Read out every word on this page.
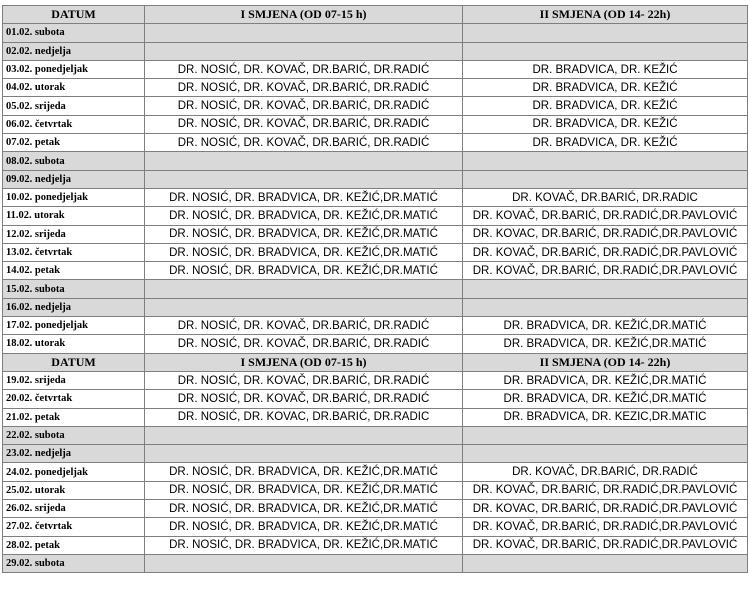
DATUM	I SMJENA (OD 07-15 h)	II SMJENA (OD 14- 22h)
01.02. subota		
02.02. nedjelja		
03.02. ponedjeljak	DR. NOSIĆ, DR. KOVAČ, DR.BARIĆ, DR.RADIĆ	DR. BRADVICA, DR. KEŽIĆ
04.02. utorak	DR. NOSIĆ, DR. KOVAČ, DR.BARIĆ, DR.RADIĆ	DR. BRADVICA, DR. KEŽIĆ
05.02. srijeda	DR. NOSIĆ, DR. KOVAČ, DR.BARIĆ, DR.RADIĆ	DR. BRADVICA, DR. KEŽIĆ
06.02. četvrtak	DR. NOSIĆ, DR. KOVAČ, DR.BARIĆ, DR.RADIĆ	DR. BRADVICA, DR. KEŽIĆ
07.02. petak	DR. NOSIĆ, DR. KOVAČ, DR.BARIĆ, DR.RADIĆ	DR. BRADVICA, DR. KEŽIĆ
08.02. subota		
09.02. nedjelja		
10.02. ponedjeljak	DR. NOSIĆ, DR. BRADVICA, DR. KEŽIĆ,DR.MATIĆ	DR. KOVAČ, DR.BARIĆ, DR.RADIC
11.02. utorak	DR. NOSIĆ, DR. BRADVICA, DR. KEŽIĆ,DR.MATIĆ	DR. KOVAČ, DR.BARIĆ, DR.RADIĆ,DR.PAVLOVIĆ
12.02. srijeda	DR. NOSIĆ, DR. BRADVICA, DR. KEŽIĆ,DR.MATIĆ	DR. KOVAC, DR.BARIĆ, DR.RADIĆ,DR.PAVLOVIĆ
13.02. četvrtak	DR. NOSIĆ, DR. BRADVICA, DR. KEŽIĆ,DR.MATIĆ	DR. KOVAČ, DR.BARIĆ, DR.RADIĆ,DR.PAVLOVIĆ
14.02. petak	DR. NOSIĆ, DR. BRADVICA, DR. KEŽIĆ,DR.MATIĆ	DR. KOVAČ, DR.BARIĆ, DR.RADIĆ,DR.PAVLOVIĆ
15.02. subota		
16.02. nedjelja		
17.02. ponedjeljak	DR. NOSIĆ, DR. KOVAČ, DR.BARIĆ, DR.RADIĆ	DR. BRADVICA, DR. KEŽIĆ,DR.MATIĆ
18.02. utorak	DR. NOSIĆ, DR. KOVAČ, DR.BARIĆ, DR.RADIĆ	DR. BRADVICA, DR. KEŽIĆ,DR.MATIĆ
DATUM	I SMJENA (OD 07-15 h)	II SMJENA (OD 14- 22h)
19.02. srijeda	DR. NOSIĆ, DR. KOVAČ, DR.BARIĆ, DR.RADIĆ	DR. BRADVICA, DR. KEŽIĆ,DR.MATIĆ
20.02. četvrtak	DR. NOSIĆ, DR. KOVAČ, DR.BARIĆ, DR.RADIĆ	DR. BRADVICA, DR. KEŽIĆ,DR.MATIĆ
21.02. petak	DR. NOSIĆ, DR. KOVAC, DR.BARIĆ, DR.RADIC	DR. BRADVICA, DR. KEZIC,DR.MATIC
22.02. subota		
23.02. nedjelja		
24.02. ponedjeljak	DR. NOSIĆ, DR. BRADVICA, DR. KEŽIĆ,DR.MATIĆ	DR. KOVAČ, DR.BARIĆ, DR.RADIĆ
25.02. utorak	DR. NOSIĆ, DR. BRADVICA, DR. KEŽIĆ,DR.MATIĆ	DR. KOVAČ, DR.BARIĆ, DR.RADIĆ,DR.PAVLOVIĆ
26.02. srijeda	DR. NOSIĆ, DR. BRADVICA, DR. KEŽIĆ,DR.MATIĆ	DR. KOVAC, DR.BARIĆ, DR.RADIĆ,DR.PAVLOVIĆ
27.02. četvrtak	DR. NOSIĆ, DR. BRADVICA, DR. KEŽIĆ,DR.MATIĆ	DR. KOVAČ, DR.BARIĆ, DR.RADIĆ,DR.PAVLOVIĆ
28.02. petak	DR. NOSIĆ, DR. BRADVICA, DR. KEŽIĆ,DR.MATIĆ	DR. KOVAČ, DR.BARIĆ, DR.RADIĆ,DR.PAVLOVIĆ
29.02. subota		
